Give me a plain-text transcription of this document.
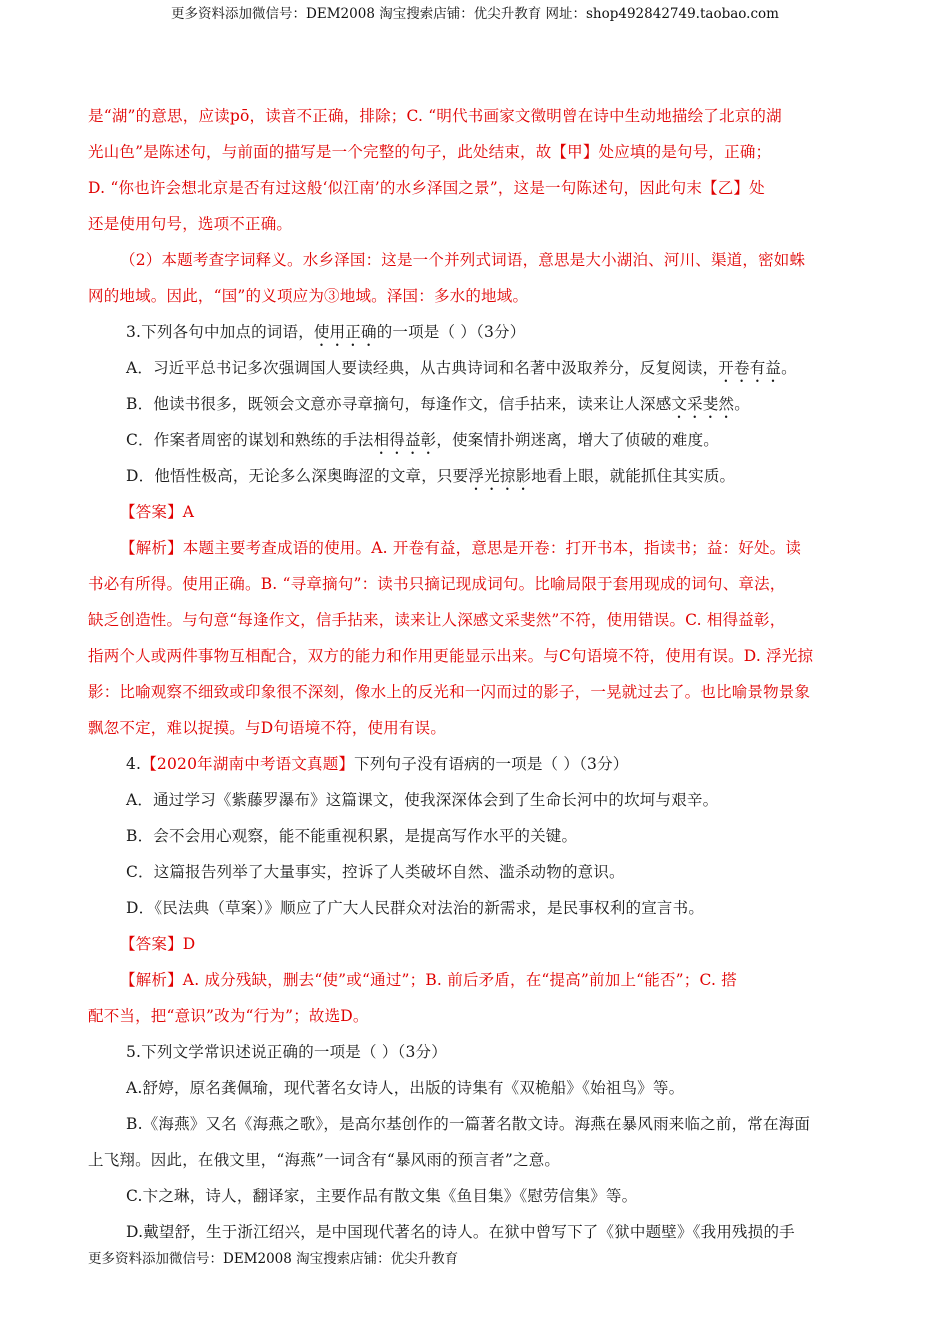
更多资料添加微信号：DEM2008 淘宝搜索店铺：优尖升教育 网址：shop492842749.taobao.com

是“湖”的意思，应读pō，读音不正确，排除；C. “明代书画家文徵明曾在诗中生动地描绘了北京的湖

光山色”是陈述句，与前面的描写是一个完整的句子，此处结束，故【甲】处应填的是句号，正确；

D. “你也许会想北京是否有过这般‘似江南’的水乡泽国之景”，这是一句陈述句，因此句末【乙】处

还是使用句号，选项不正确。

（2）本题考查字词释义。水乡泽国：这是一个并列式词语，意思是大小湖泊、河川、渠道，密如蛛

网的地域。因此，“国”的义项应为③地域。泽国：多水的地域。

3.下列各句中加点的词语，使用正确的一项是（ ）（3分）

A．习近平总书记多次强调国人要读经典，从古典诗词和名著中汲取养分，反复阅读，开卷有益。

B．他读书很多，既领会文意亦寻章摘句，每逢作文，信手拈来，读来让人深感文采斐然。

C．作案者周密的谋划和熟练的手法相得益彰，使案情扑朔迷离，增大了侦破的难度。

D．他悟性极高，无论多么深奥晦涩的文章，只要浮光掠影地看上眼，就能抓住其实质。

【答案】A

【解析】本题主要考查成语的使用。A. 开卷有益，意思是开卷：打开书本，指读书；益：好处。读

书必有所得。使用正确。B. “寻章摘句”：读书只摘记现成词句。比喻局限于套用现成的词句、章法，

缺乏创造性。与句意“每逢作文，信手拈来，读来让人深感文采斐然”不符，使用错误。C. 相得益彰，

指两个人或两件事物互相配合，双方的能力和作用更能显示出来。与C句语境不符，使用有误。D. 浮光掠

影：比喻观察不细致或印象很不深刻，像水上的反光和一闪而过的影子，一晃就过去了。也比喻景物景象

飘忽不定，难以捉摸。与D句语境不符，使用有误。

4.【2020年湖南中考语文真题】下列句子没有语病的一项是（ ）（3分）

A．通过学习《紫藤罗瀑布》这篇课文，使我深深体会到了生命长河中的坎坷与艰辛。

B．会不会用心观察，能不能重视积累，是提高写作水平的关键。

C．这篇报告列举了大量事实，控诉了人类破坏自然、滥杀动物的意识。

D．《民法典（草案）》顺应了广大人民群众对法治的新需求，是民事权利的宣言书。

【答案】D

【解析】A. 成分残缺，删去“使”或“通过”；B. 前后矛盾，在“提高”前加上“能否”；C. 搭

配不当，把“意识”改为“行为”；故选D。

5.下列文学常识述说正确的一项是（ ）（3分）

A.舒婷，原名龚佩瑜，现代著名女诗人，出版的诗集有《双桅船》《始祖鸟》等。

B.《海燕》又名《海燕之歌》，是高尔基创作的一篇著名散文诗。海燕在暴风雨来临之前，常在海面

上飞翔。因此，在俄文里，“海燕”一词含有“暴风雨的预言者”之意。

C.卞之琳，诗人，翻译家，主要作品有散文集《鱼目集》《慰劳信集》等。

D.戴望舒，生于浙江绍兴，是中国现代著名的诗人。在狱中曾写下了《狱中题壁》《我用残损的手

更多资料添加微信号：DEM2008 淘宝搜索店铺：优尖升教育
